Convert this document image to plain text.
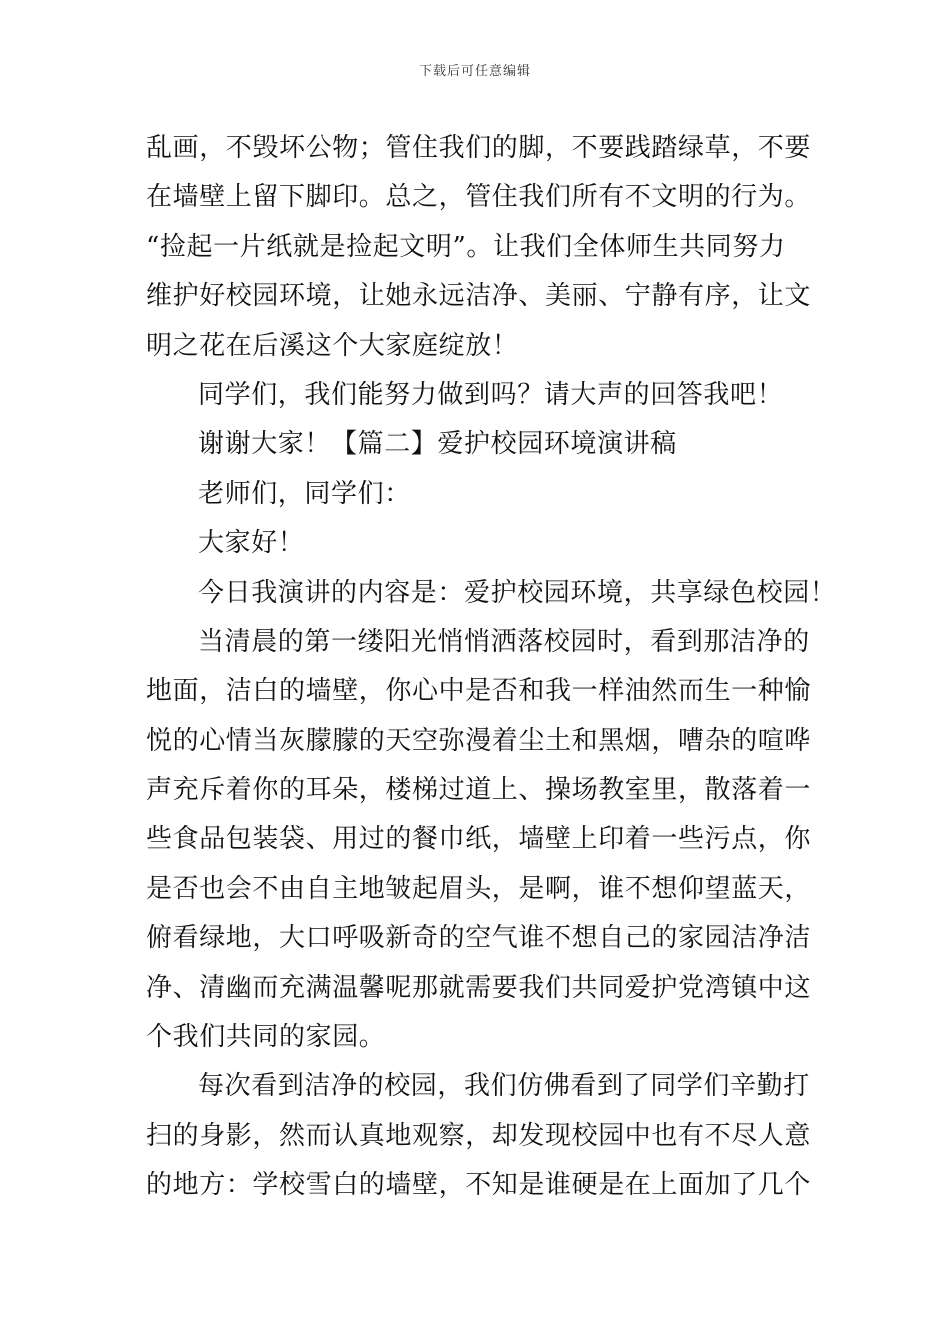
下载后可任意编辑
乱画，不毁坏公物；管住我们的脚，不要践踏绿草，不要
在墙壁上留下脚印。总之，管住我们所有不文明的行为。
“捡起一片纸就是捡起文明”。让我们全体师生共同努力
维护好校园环境，让她永远洁净、美丽、宁静有序，让文
明之花在后溪这个大家庭绽放！
同学们，我们能努力做到吗？请大声的回答我吧！
谢谢大家！【篇二】爱护校园环境演讲稿
老师们，同学们：
大家好！
今日我演讲的内容是：爱护校园环境，共享绿色校园！
当清晨的第一缕阳光悄悄洒落校园时，看到那洁净的
地面，洁白的墙壁，你心中是否和我一样油然而生一种愉
悦的心情当灰朦朦的天空弥漫着尘土和黑烟，嘈杂的喧哗
声充斥着你的耳朵，楼梯过道上、操场教室里，散落着一
些食品包装袋、用过的餐巾纸，墙壁上印着一些污点，你
是否也会不由自主地皱起眉头，是啊，谁不想仰望蓝天，
俯看绿地，大口呼吸新奇的空气谁不想自己的家园洁净洁
净、清幽而充满温馨呢那就需要我们共同爱护党湾镇中这
个我们共同的家园。
每次看到洁净的校园，我们仿佛看到了同学们辛勤打
扫的身影，然而认真地观察，却发现校园中也有不尽人意
的地方：学校雪白的墙壁，不知是谁硬是在上面加了几个
